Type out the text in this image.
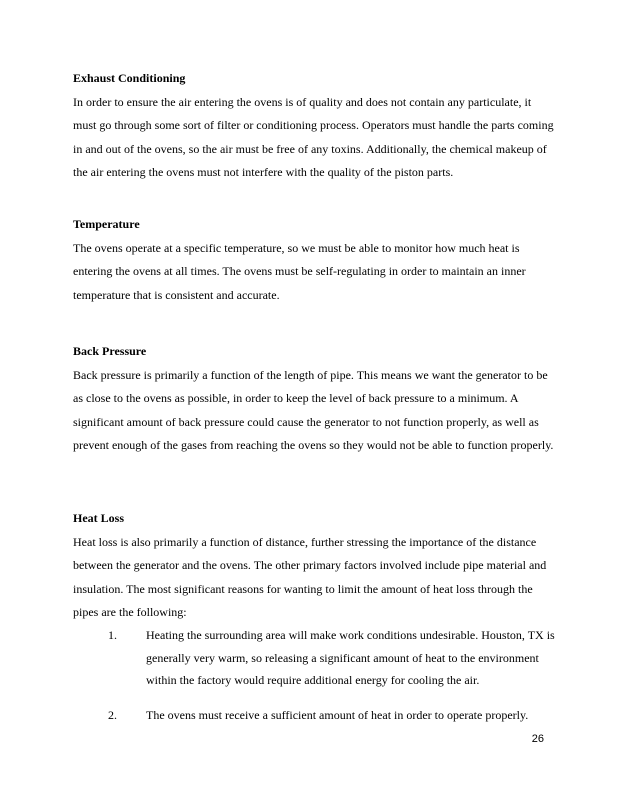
Exhaust Conditioning

In order to ensure the air entering the ovens is of quality and does not contain any particulate, it must go through some sort of filter or conditioning process. Operators must handle the parts coming in and out of the ovens, so the air must be free of any toxins. Additionally, the chemical makeup of the air entering the ovens must not interfere with the quality of the piston parts.

Temperature

The ovens operate at a specific temperature, so we must be able to monitor how much heat is entering the ovens at all times. The ovens must be self-regulating in order to maintain an inner temperature that is consistent and accurate.

Back Pressure

Back pressure is primarily a function of the length of pipe. This means we want the generator to be as close to the ovens as possible, in order to keep the level of back pressure to a minimum. A significant amount of back pressure could cause the generator to not function properly, as well as prevent enough of the gases from reaching the ovens so they would not be able to function properly.

Heat Loss

Heat loss is also primarily a function of distance, further stressing the importance of the distance between the generator and the ovens. The other primary factors involved include pipe material and insulation. The most significant reasons for wanting to limit the amount of heat loss through the pipes are the following:

1. Heating the surrounding area will make work conditions undesirable. Houston, TX is generally very warm, so releasing a significant amount of heat to the environment within the factory would require additional energy for cooling the air.
2. The ovens must receive a sufficient amount of heat in order to operate properly.
26
